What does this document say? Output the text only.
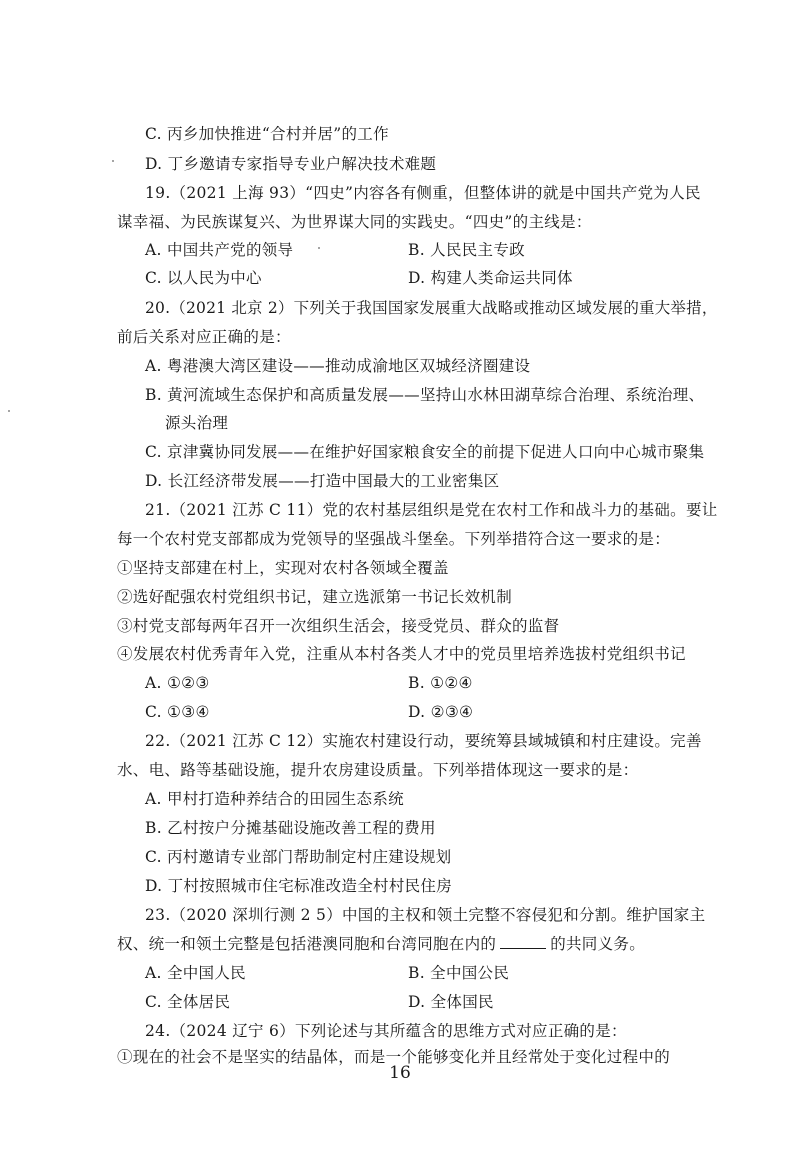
C. 丙乡加快推进“合村并居”的工作
D. 丁乡邀请专家指导专业户解决技术难题
19.（2021 上海 93）“四史”内容各有侧重，但整体讲的就是中国共产党为人民
谋幸福、为民族谋复兴、为世界谋大同的实践史。“四史”的主线是：
A. 中国共产党的领导	B. 人民民主专政
C. 以人民为中心	D. 构建人类命运共同体
20.（2021 北京 2）下列关于我国国家发展重大战略或推动区域发展的重大举措，
前后关系对应正确的是：
A. 粤港澳大湾区建设——推动成渝地区双城经济圈建设
B. 黄河流域生态保护和高质量发展——坚持山水林田湖草综合治理、系统治理、
源头治理
C. 京津冀协同发展——在维护好国家粮食安全的前提下促进人口向中心城市聚集
D. 长江经济带发展——打造中国最大的工业密集区
21.（2021 江苏 C 11）党的农村基层组织是党在农村工作和战斗力的基础。要让
每一个农村党支部都成为党领导的坚强战斗堡垒。下列举措符合这一要求的是：
①坚持支部建在村上，实现对农村各领域全覆盖
②选好配强农村党组织书记，建立选派第一书记长效机制
③村党支部每两年召开一次组织生活会，接受党员、群众的监督
④发展农村优秀青年入党，注重从本村各类人才中的党员里培养选拔村党组织书记
A. ①②③	B. ①②④
C. ①③④	D. ②③④
22.（2021 江苏 C 12）实施农村建设行动，要统筹县域城镇和村庄建设。完善
水、电、路等基础设施，提升农房建设质量。下列举措体现这一要求的是：
A. 甲村打造种养结合的田园生态系统
B. 乙村按户分摊基础设施改善工程的费用
C. 丙村邀请专业部门帮助制定村庄建设规划
D. 丁村按照城市住宅标准改造全村村民住房
23.（2020 深圳行测 2 5）中国的主权和领土完整不容侵犯和分割。维护国家主
权、统一和领土完整是包括港澳同胞和台湾同胞在内的	的共同义务。
A. 全中国人民	B. 全中国公民
C. 全体居民	D. 全体国民
24.（2024 辽宁 6）下列论述与其所蕴含的思维方式对应正确的是：
①现在的社会不是坚实的结晶体，而是一个能够变化并且经常处于变化过程中的
16
